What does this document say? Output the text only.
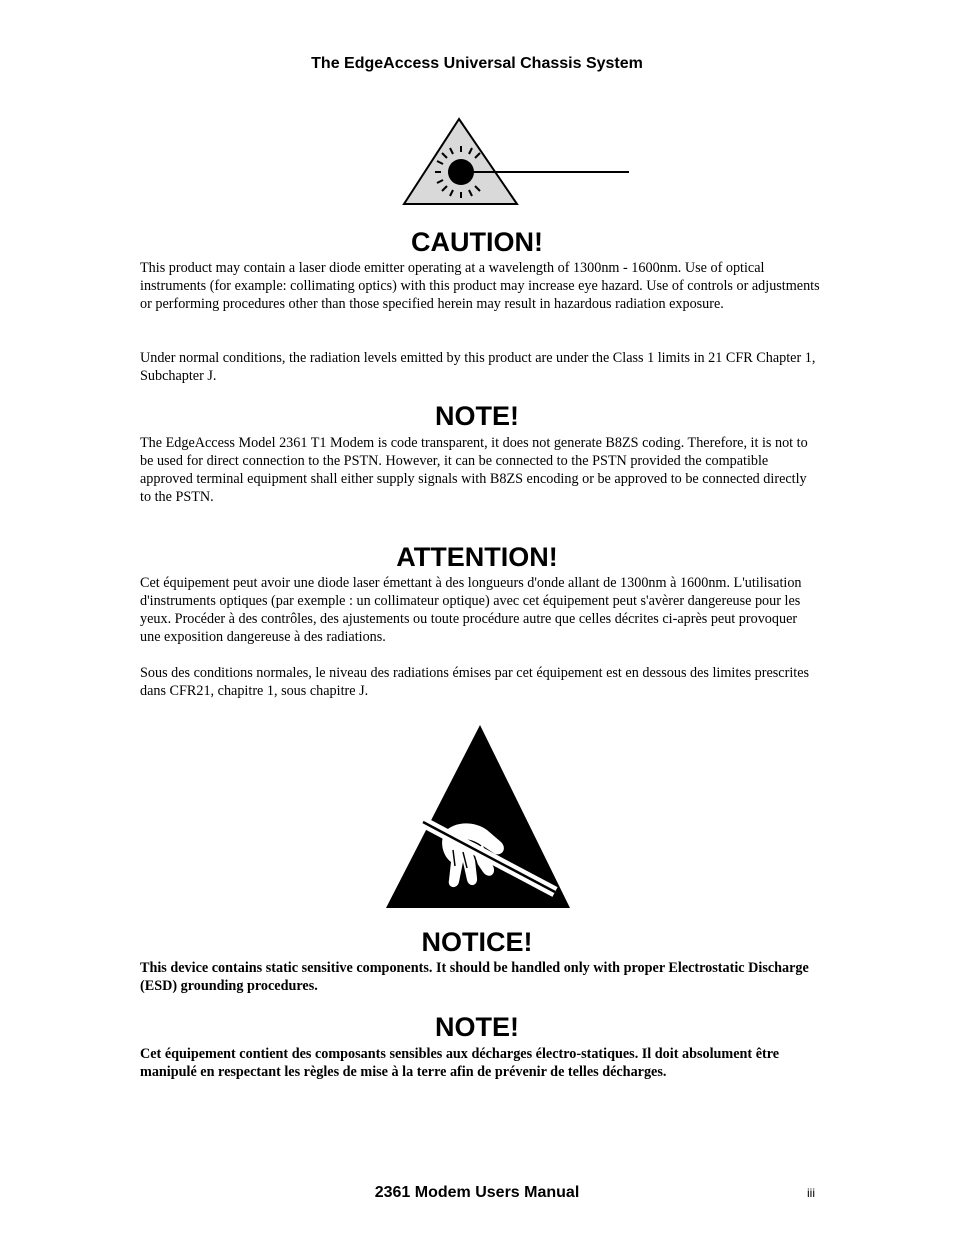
The EdgeAccess Universal Chassis System
CAUTION!

This product may contain a laser diode emitter operating at a wavelength of 1300nm - 1600nm. Use of optical instruments (for example: collimating optics) with this product may increase eye hazard. Use of controls or adjustments or performing procedures other than those specified herein may result in hazardous radiation exposure.

Under normal conditions, the radiation levels emitted by this product are under the Class 1 limits in 21 CFR Chapter 1, Subchapter J.

NOTE!

The EdgeAccess Model 2361 T1 Modem is code transparent, it does not generate B8ZS coding. Therefore, it is not to be used for direct connection to the PSTN. However, it can be connected to the PSTN provided the compatible approved terminal equipment shall either supply signals with B8ZS encoding or be approved to be connected directly to the PSTN.

ATTENTION!

Cet équipement peut avoir une diode laser émettant à des longueurs d'onde allant de 1300nm à 1600nm. L'utilisation d'instruments optiques (par exemple : un collimateur optique) avec cet équipement peut s'avèrer dangereuse pour les yeux. Procéder à des contrôles, des ajustements ou toute procédure autre que celles décrites ci-après peut provoquer une exposition dangereuse à des radiations.

Sous des conditions normales, le niveau des radiations émises par cet équipement est en dessous des limites prescrites dans CFR21, chapitre 1, sous chapitre J.

NOTICE!

This device contains static sensitive components. It should be handled only with proper Electrostatic Discharge (ESD) grounding procedures.

NOTE!

Cet équipement contient des composants sensibles aux décharges électro-statiques. Il doit absolument être manipulé en respectant les règles de mise à la terre afin de prévenir de telles décharges.

2361 Modem Users Manual	iii
